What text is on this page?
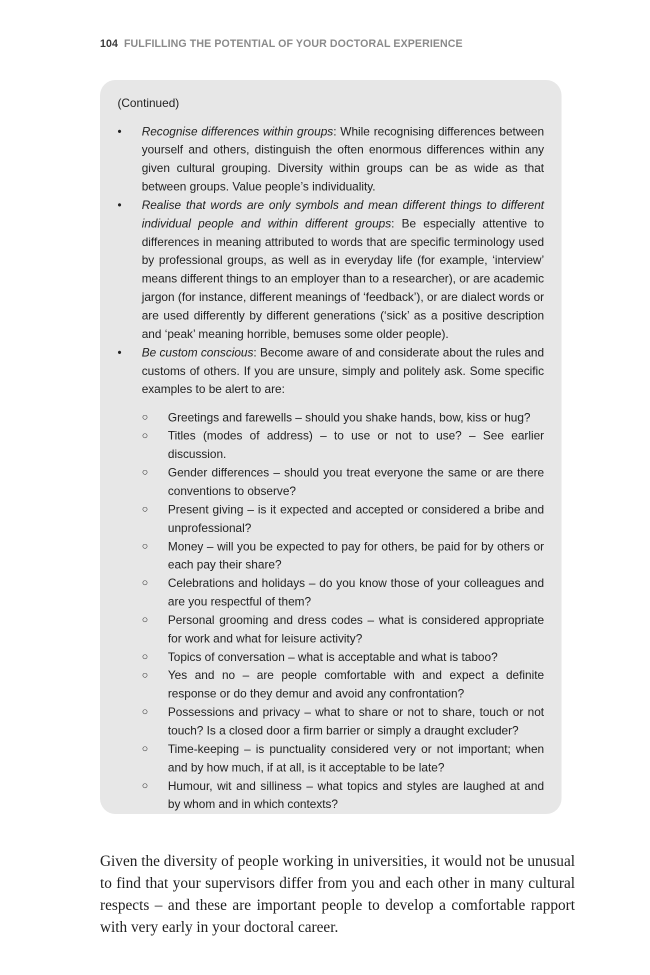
104 FULFILLING THE POTENTIAL OF YOUR DOCTORAL EXPERIENCE
(Continued)
• Recognise differences within groups: While recognising differences between yourself and others, distinguish the often enormous differences within any given cultural grouping. Diversity within groups can be as wide as that between groups. Value people’s individuality.
• Realise that words are only symbols and mean different things to different individual people and within different groups: Be especially attentive to differences in meaning attributed to words that are specific terminology used by professional groups, as well as in everyday life (for example, ‘interview’ means different things to an employer than to a researcher), or are academic jargon (for instance, different meanings of ‘feedback’), or are dialect words or are used differently by different generations (‘sick’ as a positive description and ‘peak’ meaning horrible, bemuses some older people).
• Be custom conscious: Become aware of and considerate about the rules and customs of others. If you are unsure, simply and politely ask. Some specific examples to be alert to are:
○ Greetings and farewells – should you shake hands, bow, kiss or hug?
○ Titles (modes of address) – to use or not to use? – See earlier discussion.
○ Gender differences – should you treat everyone the same or are there conventions to observe?
○ Present giving – is it expected and accepted or considered a bribe and unprofessional?
○ Money – will you be expected to pay for others, be paid for by others or each pay their share?
○ Celebrations and holidays – do you know those of your colleagues and are you respectful of them?
○ Personal grooming and dress codes – what is considered appropriate for work and what for leisure activity?
○ Topics of conversation – what is acceptable and what is taboo?
○ Yes and no – are people comfortable with and expect a definite response or do they demur and avoid any confrontation?
○ Possessions and privacy – what to share or not to share, touch or not touch? Is a closed door a firm barrier or simply a draught excluder?
○ Time-keeping – is punctuality considered very or not important; when and by how much, if at all, is it acceptable to be late?
○ Humour, wit and silliness – what topics and styles are laughed at and by whom and in which contexts?

Given the diversity of people working in universities, it would not be unusual to find that your supervisors differ from you and each other in many cultural respects – and these are important people to develop a comfortable rapport with very early in your doctoral career.
